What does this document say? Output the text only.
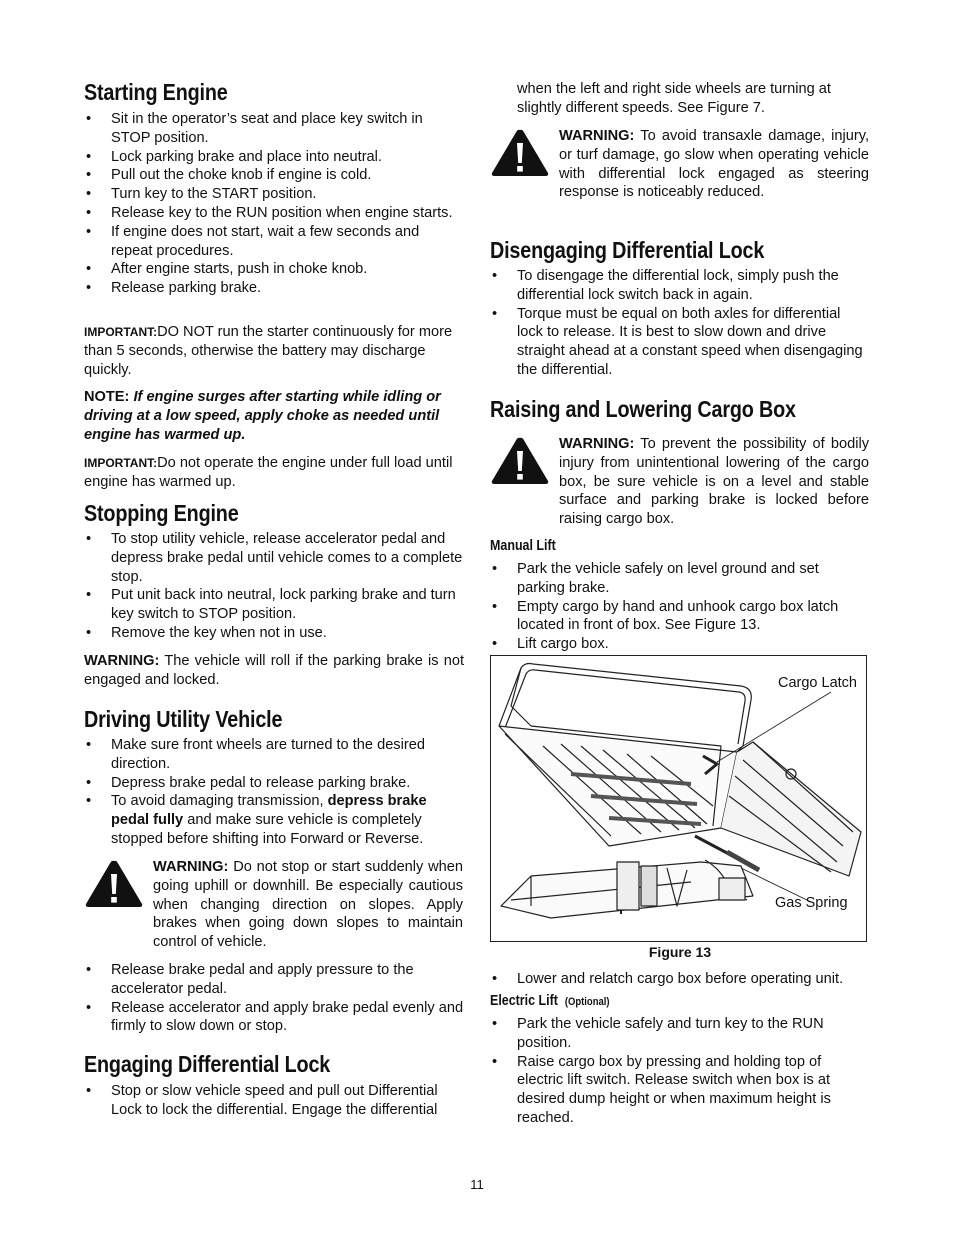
Starting Engine
• Sit in the operator’s seat and place key switch in STOP position.
• Lock parking brake and place into neutral.
• Pull out the choke knob if engine is cold.
• Turn key to the START position.
• Release key to the RUN position when engine starts.
• If engine does not start, wait a few seconds and repeat procedures.
• After engine starts, push in choke knob.
• Release parking brake.

IMPORTANT:DO NOT run the starter continuously for more than 5 seconds, otherwise the battery may discharge quickly.

NOTE: If engine surges after starting while idling or driving at a low speed, apply choke as needed until engine has warmed up.

IMPORTANT:Do not operate the engine under full load until engine has warmed up.

Stopping Engine
• To stop utility vehicle, release accelerator pedal and depress brake pedal until vehicle comes to a complete stop.
• Put unit back into neutral, lock parking brake and turn key switch to STOP position.
• Remove the key when not in use.

WARNING: The vehicle will roll if the parking brake is not engaged and locked.

Driving Utility Vehicle
• Make sure front wheels are turned to the desired direction.
• Depress brake pedal to release parking brake.
• To avoid damaging transmission, depress brake pedal fully and make sure vehicle is completely stopped before shifting into Forward or Reverse.

WARNING: Do not stop or start suddenly when going uphill or downhill. Be especially cautious when changing direction on slopes. Apply brakes when going down slopes to maintain control of vehicle.

• Release brake pedal and apply pressure to the accelerator pedal.
• Release accelerator and apply brake pedal evenly and firmly to slow down or stop.
Engaging Differential Lock
• Stop or slow vehicle speed and pull out Differential Lock to lock the differential. Engage the differential

when the left and right side wheels are turning at slightly different speeds. See Figure 7.

WARNING: To avoid transaxle damage, injury, or turf damage, go slow when operating vehicle with differential lock engaged as steering response is noticeably reduced.

Disengaging Differential Lock
• To disengage the differential lock, simply push the differential lock switch back in again.
• Torque must be equal on both axles for differential lock to release. It is best to slow down and drive straight ahead at a constant speed when disengaging the differential.
Raising and Lowering Cargo Box

WARNING: To prevent the possibility of bodily injury from unintentional lowering of the cargo box, be sure vehicle is on a level and stable surface and parking brake is locked before raising cargo box.

Manual Lift
• Park the vehicle safely on level ground and set parking brake.
• Empty cargo by hand and unhook cargo box latch located in front of box. See Figure 13.
• Lift cargo box.
Cargo Latch
Gas Spring
Figure 13
• Lower and relatch cargo box before operating unit.
Electric Lift (Optional)
• Park the vehicle safely and turn key to the RUN position.
• Raise cargo box by pressing and holding top of electric lift switch. Release switch when box is at desired dump height or when maximum height is reached.
11
